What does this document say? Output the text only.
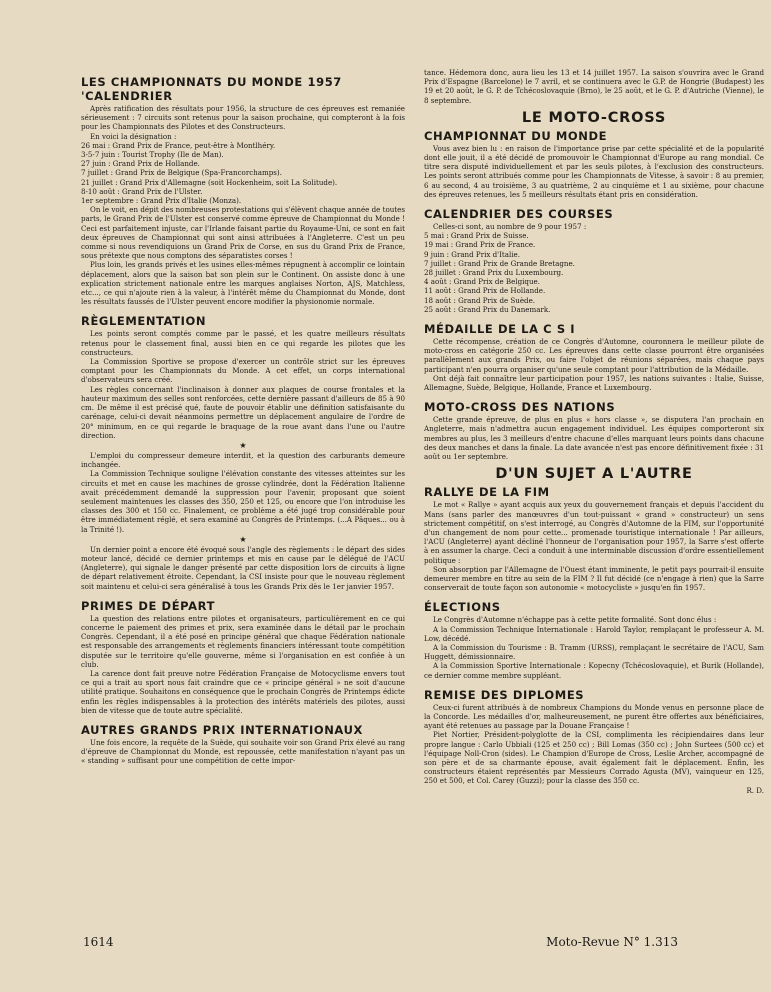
LES CHAMPIONNATS DU MONDE 1957
'CALENDRIER

Après ratification des résultats pour 1956, la structure de ces épreuves est remaniée sérieusement : 7 circuits sont retenus pour la saison prochaine, qui compteront à la fois pour les Championnats des Pilotes et des Constructeurs.

En voici la désignation :

26 mai : Grand Prix de France, peut-être à Montlhéry.

3-5-7 juin : Tourist Trophy (Ile de Man).

27 juin : Grand Prix de Hollande.

7 juillet : Grand Prix de Belgique (Spa-Francorchamps).

21 juillet : Grand Prix d'Allemagne (soit Hockenheim, soit La Solitude).

8-10 août : Grand Prix de l'Ulster.

1er septembre : Grand Prix d'Italie (Monza).

On le voit, en dépit des nombreuses protestations qui s'élèvent chaque année de toutes parts, le Grand Prix de l'Ulster est conservé comme épreuve de Championnat du Monde ! Ceci est parfaitement injuste, car l'Irlande faisant partie du Royaume-Uni, ce sont en fait deux épreuves de Championnat qui sont ainsi attribuées à l'Angleterre. C'est un peu comme si nous revendiquions un Grand Prix de Corse, en sus du Grand Prix de France, sous prétexte que nous comptons des séparatistes corses !

Plus loin, les grands privés et les usines elles-mêmes répugnent à accomplir ce lointain déplacement, alors que la saison bat son plein sur le Continent. On assiste donc à une explication strictement nationale entre les marques anglaises Norton, AJS, Matchless, etc..., ce qui n'ajoute rien à la valeur, à l'intérêt même du Championnat du Monde, dont les résultats faussés de l'Ulster peuvent encore modifier la physionomie normale.

RÈGLEMENTATION

Les points seront comptés comme par le passé, et les quatre meilleurs résultats retenus pour le classement final, aussi bien en ce qui regarde les pilotes que les constructeurs.

La Commission Sportive se propose d'exercer un contrôle strict sur les épreuves comptant pour les Championnats du Monde. A cet effet, un corps international d'observateurs sera créé.

Les règles concernant l'inclinaison à donner aux plaques de course frontales et la hauteur maximum des selles sont renforcées, cette dernière passant d'ailleurs de 85 à 90 cm. De même il est précisé qué, faute de pouvoir établir une définition satisfaisante du carénage, celui-ci devait néanmoins permettre un déplacement angulaire de l'ordre de 20° minimum, en ce qui regarde le braquage de la roue avant dans l'une ou l'autre direction.

★

L'emploi du compresseur demeure interdit, et la question des carburants demeure inchangée.

La Commission Technique souligne l'élévation constante des vitesses atteintes sur les circuits et met en cause les machines de grosse cylindrée, dont la Fédération Italienne avait précédemment demandé la suppression pour l'avenir, proposant que soient seulement maintenues les classes des 350, 250 et 125, ou encore que l'on introduise les classes des 300 et 150 cc. Finalement, ce problème a été jugé trop considérable pour être immédiatement réglé, et sera examiné au Congrès de Printemps. (...A Pâques... ou à la Trinité !).

★

Un dernier point a encore été évoqué sous l'angle des règlements : le départ des sides moteur lancé, décidé ce dernier printemps et mis en cause par le délégué de l'ACU (Angleterre), qui signale le danger présenté par cette disposition lors de circuits à ligne de départ relativement étroite. Cependant, la CSI insiste pour que le nouveau règlement soit maintenu et celui-ci sera généralisé à tous les Grands Prix dès le 1er janvier 1957.

PRIMES DE DÉPART

La question des relations entre pilotes et organisateurs, particulièrement en ce qui concerne le paiement des primes et prix, sera examinée dans le détail par le prochain Congrès. Cependant, il a été posé en principe général que chaque Fédération nationale est responsable des arrangements et règlements financiers intéressant toute compétition disputée sur le territoire qu'elle gouverne, même si l'organisation en est confiée à un club.

La carence dont fait preuve notre Fédération Française de Motocyclisme envers tout ce qui a trait au sport nous fait craindre que ce « principe général » ne soit d'aucune utilité pratique. Souhaitons en conséquence que le prochain Congrès de Printemps édicte enfin les règles indispensables à la protection des intérêts matériels des pilotes, aussi bien de vitesse que de toute autre spécialité.

AUTRES GRANDS PRIX INTERNATIONAUX

Une fois encore, la requête de la Suède, qui souhaite voir son Grand Prix élevé au rang d'épreuve de Championnat du Monde, est repoussée, cette manifestation n'ayant pas un « standing » suffisant pour une compétition de cette impor-

tance. Hédemora donc, aura lieu les 13 et 14 juillet 1957. La saison s'ouvrira avec le Grand Prix d'Espagne (Barcelone) le 7 avril, et se continuera avec le G.P. de Hongrie (Budapest) les 19 et 20 août, le G. P. de Tchécoslovaquie (Brno), le 25 août, et le G. P. d'Autriche (Vienne), le 8 septembre.

LE MOTO-CROSS
CHAMPIONNAT DU MONDE

Vous avez bien lu : en raison de l'importance prise par cette spécialité et de la popularité dont elle jouit, il a été décidé de promouvoir le Championnat d'Europe au rang mondial. Ce titre sera disputé individuellement et par les seuls pilotes, à l'exclusion des constructeurs. Les points seront attribués comme pour les Championnats de Vitesse, à savoir : 8 au premier, 6 au second, 4 au troisième, 3 au quatrième, 2 au cinquième et 1 au sixième, pour chacune des épreuves retenues, les 5 meilleurs résultats étant pris en considération.

CALENDRIER DES COURSES

Celles-ci sont, au nombre de 9 pour 1957 :

5 mai : Grand Prix de Suisse.

19 mai : Grand Prix de France.

9 juin : Grand Prix d'Italie.

7 juillet : Grand Prix de Grande Bretagne.

28 juillet : Grand Prix du Luxembourg.

4 août : Grand Prix de Belgique.

11 août : Grand Prix de Hollande.

18 août : Grand Prix de Suède.

25 août : Grand Prix du Danemark.

MÉDAILLE DE LA C S I

Cette récompense, création de ce Congrès d'Automne, couronnera le meilleur pilote de moto-cross en catégorie 250 cc. Les épreuves dans cette classe pourront être organisées parallèlement aux grands Prix, ou faire l'objet de réunions séparées, mais chaque pays participant n'en pourra organiser qu'une seule comptant pour l'attribution de la Médaille.

Ont déjà fait connaître leur participation pour 1957, les nations suivantes : Italie, Suisse, Allemagne, Suède, Belgique, Hollande, France et Luxembourg.

MOTO-CROSS DES NATIONS

Cette grande épreuve, de plus en plus « hors classe », se disputera l'an prochain en Angleterre, mais n'admettra aucun engagement individuel. Les équipes comporteront six membres au plus, les 3 meilleurs d'entre chacune d'elles marquant leurs points dans chacune des deux manches et dans la finale. La date avancée n'est pas encore définitivement fixée : 31 août ou 1er septembre.

D'UN SUJET A L'AUTRE
RALLYE DE LA FIM

Le mot « Rallye » ayant acquis aux yeux du gouvernement français et depuis l'accident du Mans (sans parler des manœuvres d'un tout-puissant « grand » constructeur) un sens strictement compétitif, on s'est interrogé, au Congrès d'Automne de la FIM, sur l'opportunité d'un changement de nom pour cette... promenade touristique internationale ! Par ailleurs, l'ACU (Angleterre) ayant décliné l'honneur de l'organisation pour 1957, la Sarre s'est offerte à en assumer la charge. Ceci a conduit à une interminable discussion d'ordre essentiellement politique :

Son absorption par l'Allemagne de l'Ouest étant imminente, le petit pays pourrait-il ensuite demeurer membre en titre au sein de la FIM ? Il fut décidé (ce n'engage à rien) que la Sarre conserverait de toute façon son autonomie « motocycliste » jusqu'en fin 1957.

ÉLECTIONS

Le Congrès d'Automne n'échappe pas à cette petite formalité. Sont donc élus :

A la Commission Technique Internationale : Harold Taylor, remplaçant le professeur A. M. Low, décédé.

A la Commission du Tourisme : B. Tramm (URSS), remplaçant le secrétaire de l'ACU, Sam Huggett, démissionnaire.

A la Commission Sportive Internationale : Kopecny (Tchécoslovaquie), et Burik (Hollande), ce dernier comme membre suppléant.

REMISE DES DIPLOMES

Ceux-ci furent attribués à de nombreux Champions du Monde venus en personne place de la Concorde. Les médailles d'or, malheureusement, ne purent être offertes aux bénéficiaires, ayant été retenues au passage par la Douane Française !

Piet Nortier, Président-polyglotte de la CSI, complimenta les récipiendaires dans leur propre langue : Carlo Ubbiali (125 et 250 cc) ; Bill Lomas (350 cc) ; John Surtees (500 cc) et l'équipage Noll-Cron (sides). Le Champion d'Europe de Cross, Leslie Archer, accompagné de son père et de sa charmante épouse, avait également fait le déplacement. Enfin, les constructeurs étaient représentés par Messieurs Corrado Agusta (MV), vainqueur en 125, 250 et 500, et Col. Carey (Guzzi); pour la classe des 350 cc.

R. D.

1614	Moto-Revue N° 1.313
